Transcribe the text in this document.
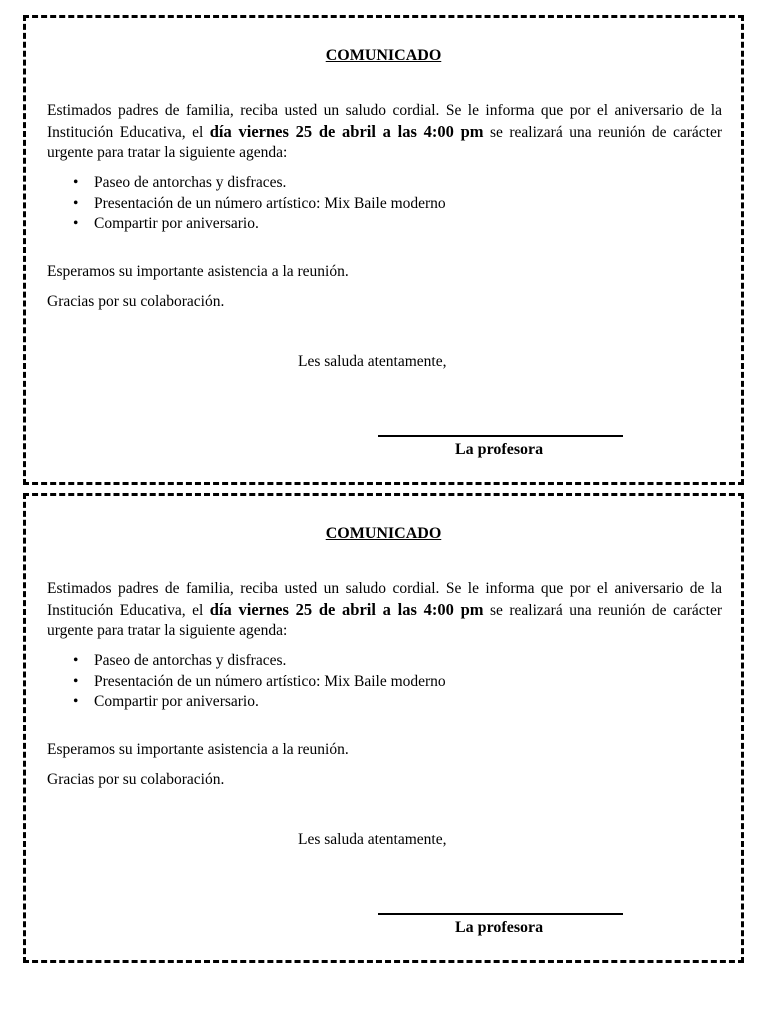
COMUNICADO

Estimados padres de familia, reciba usted un saludo cordial. Se le informa que por el aniversario de la Institución Educativa, el día viernes 25 de abril a las 4:00 pm se realizará una reunión de carácter urgente para tratar la siguiente agenda:

• Paseo de antorchas y disfraces.
• Presentación de un número artístico: Mix Baile moderno
• Compartir por aniversario.
Esperamos su importante asistencia a la reunión.
Gracias por su colaboración.
Les saluda atentamente,
La profesora
COMUNICADO

Estimados padres de familia, reciba usted un saludo cordial. Se le informa que por el aniversario de la Institución Educativa, el día viernes 25 de abril a las 4:00 pm se realizará una reunión de carácter urgente para tratar la siguiente agenda:

• Paseo de antorchas y disfraces.
• Presentación de un número artístico: Mix Baile moderno
• Compartir por aniversario.
Esperamos su importante asistencia a la reunión.
Gracias por su colaboración.
Les saluda atentamente,
La profesora
